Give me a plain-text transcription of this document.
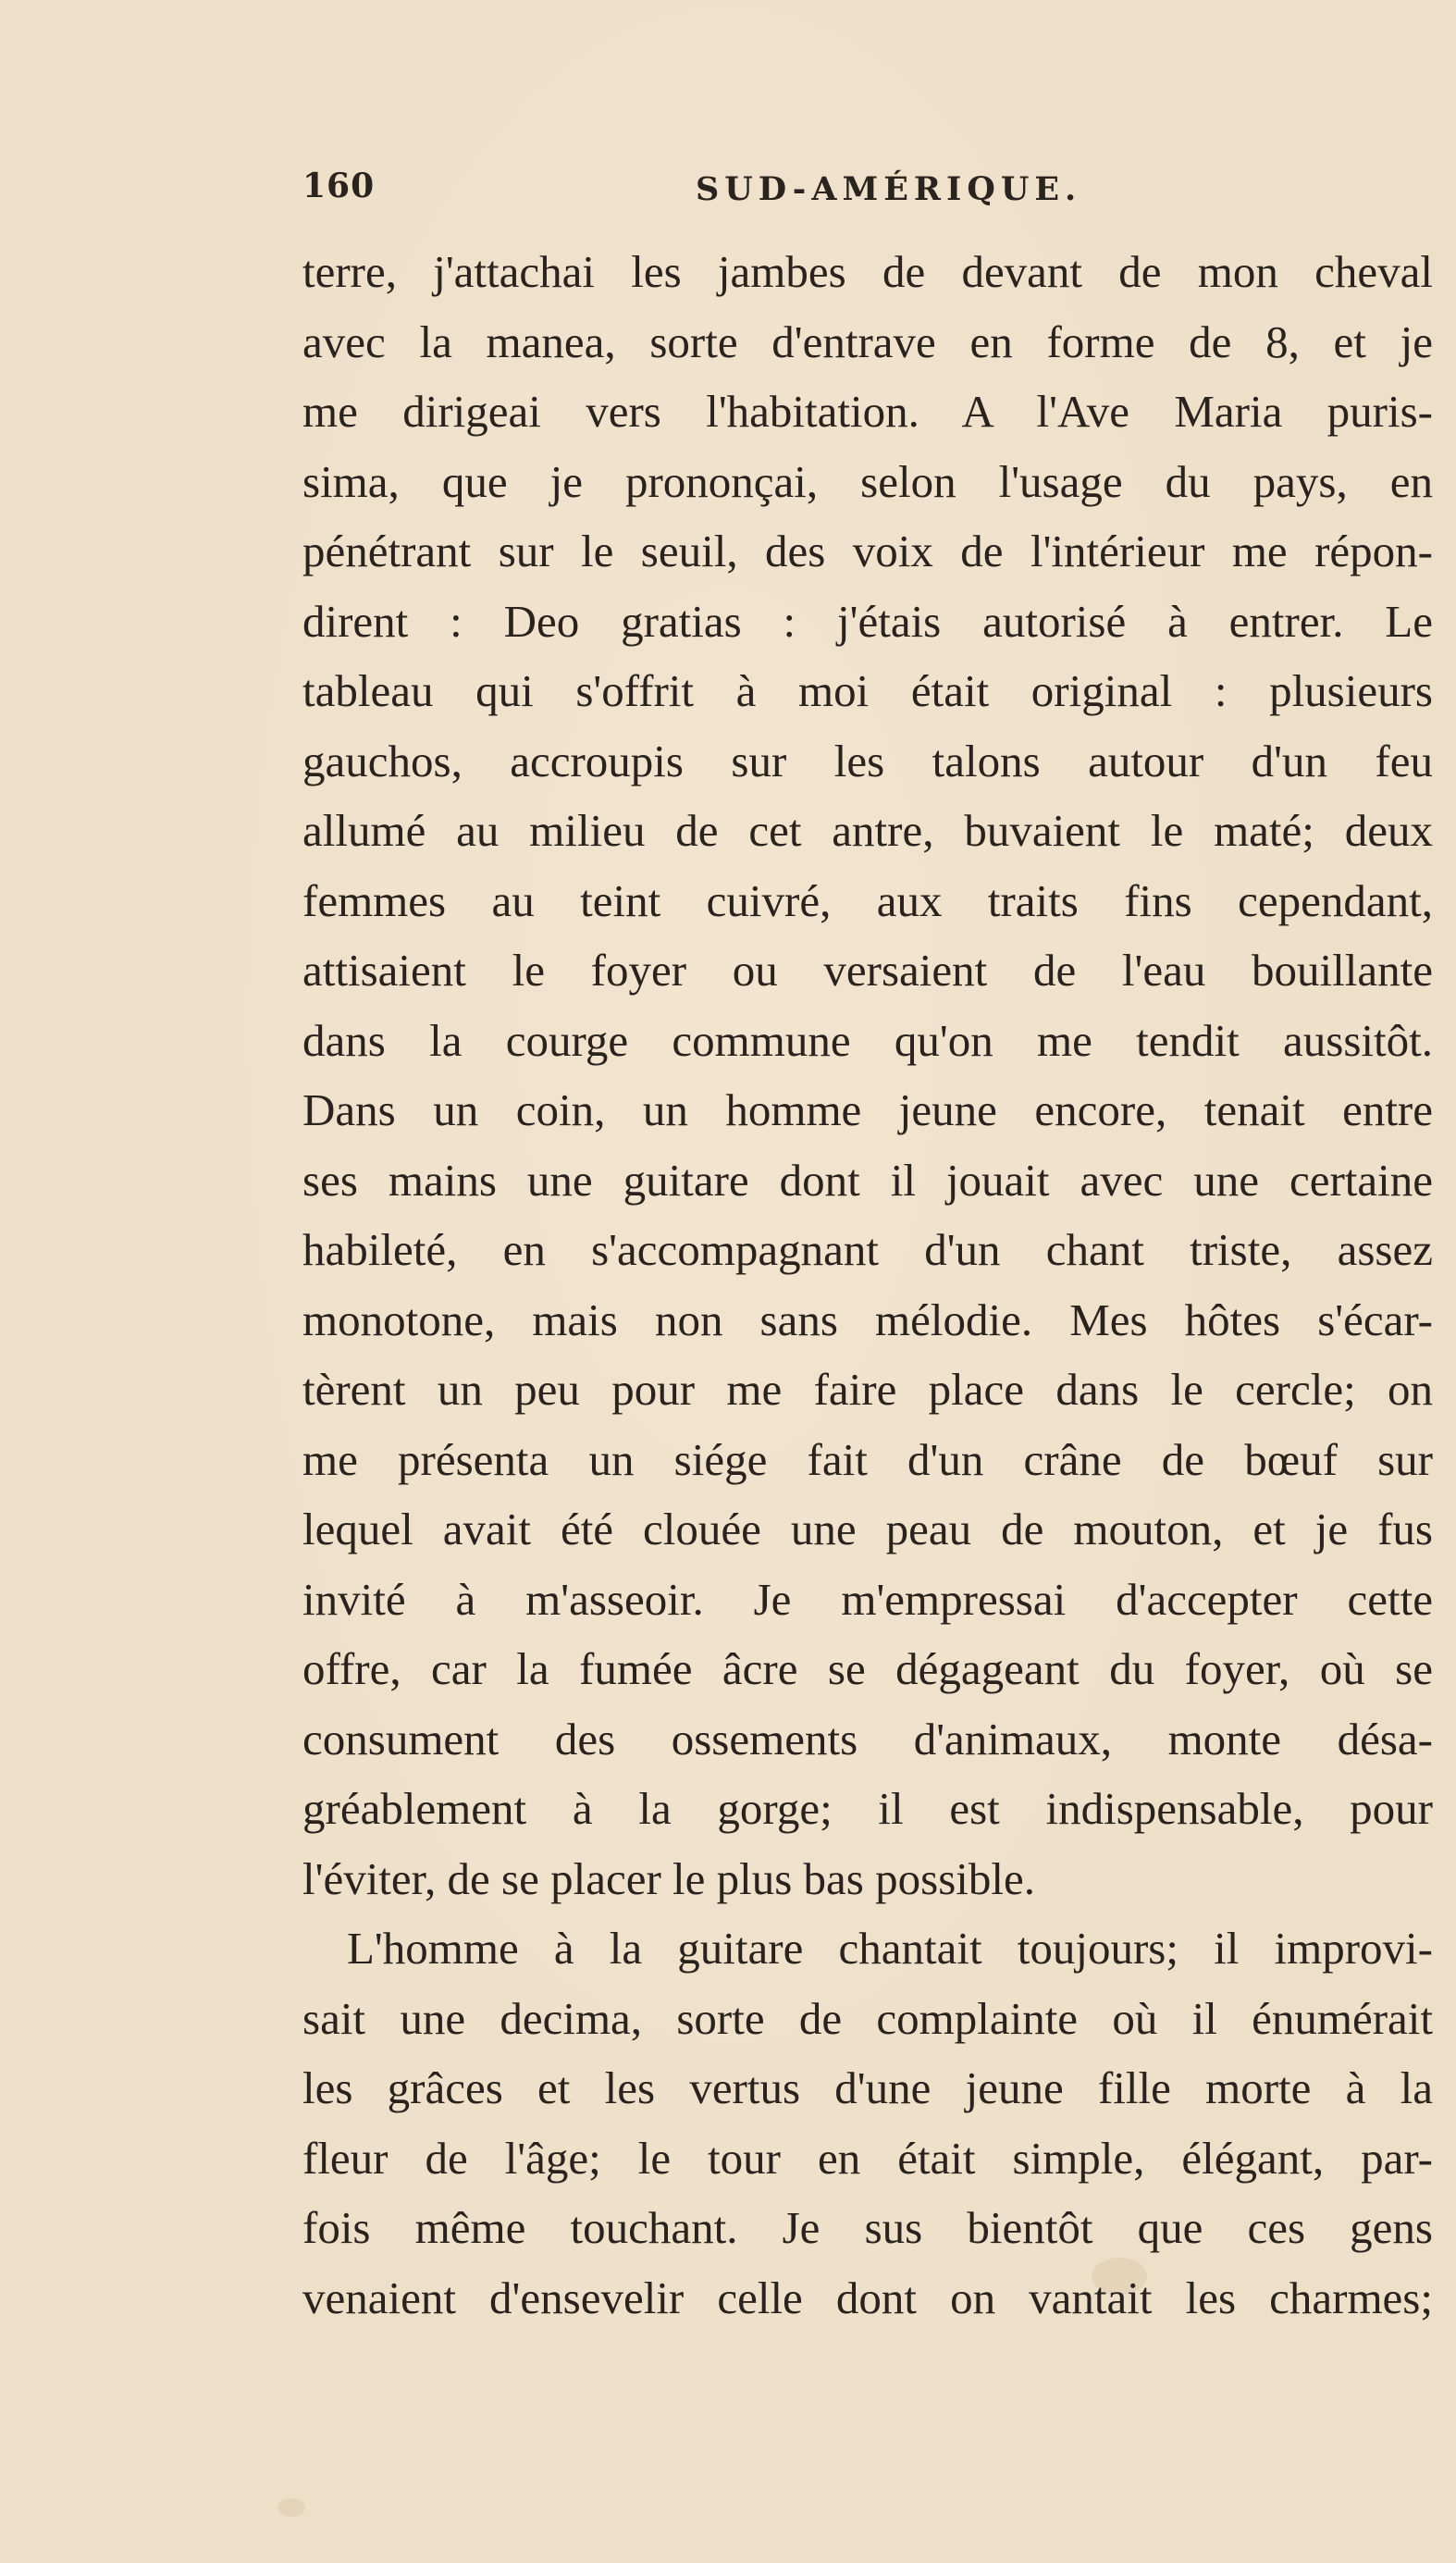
160	SUD-AMÉRIQUE.
terre, j'attachai les jambes de devant de mon cheval
avec la manea, sorte d'entrave en forme de 8, et je
me dirigeai vers l'habitation. A l'Ave Maria puris-
sima, que je prononçai, selon l'usage du pays, en
pénétrant sur le seuil, des voix de l'intérieur me répon-
dirent : Deo gratias : j'étais autorisé à entrer. Le
tableau qui s'offrit à moi était original : plusieurs
gauchos, accroupis sur les talons autour d'un feu
allumé au milieu de cet antre, buvaient le maté; deux
femmes au teint cuivré, aux traits fins cependant,
attisaient le foyer ou versaient de l'eau bouillante
dans la courge commune qu'on me tendit aussitôt.
Dans un coin, un homme jeune encore, tenait entre
ses mains une guitare dont il jouait avec une certaine
habileté, en s'accompagnant d'un chant triste, assez
monotone, mais non sans mélodie. Mes hôtes s'écar-
tèrent un peu pour me faire place dans le cercle; on
me présenta un siége fait d'un crâne de bœuf sur
lequel avait été clouée une peau de mouton, et je fus
invité à m'asseoir. Je m'empressai d'accepter cette
offre, car la fumée âcre se dégageant du foyer, où se
consument des ossements d'animaux, monte désa-
gréablement à la gorge; il est indispensable, pour
l'éviter, de se placer le plus bas possible.
L'homme à la guitare chantait toujours; il improvi-
sait une decima, sorte de complainte où il énumérait
les grâces et les vertus d'une jeune fille morte à la
fleur de l'âge; le tour en était simple, élégant, par-
fois même touchant. Je sus bientôt que ces gens
venaient d'ensevelir celle dont on vantait les charmes;
